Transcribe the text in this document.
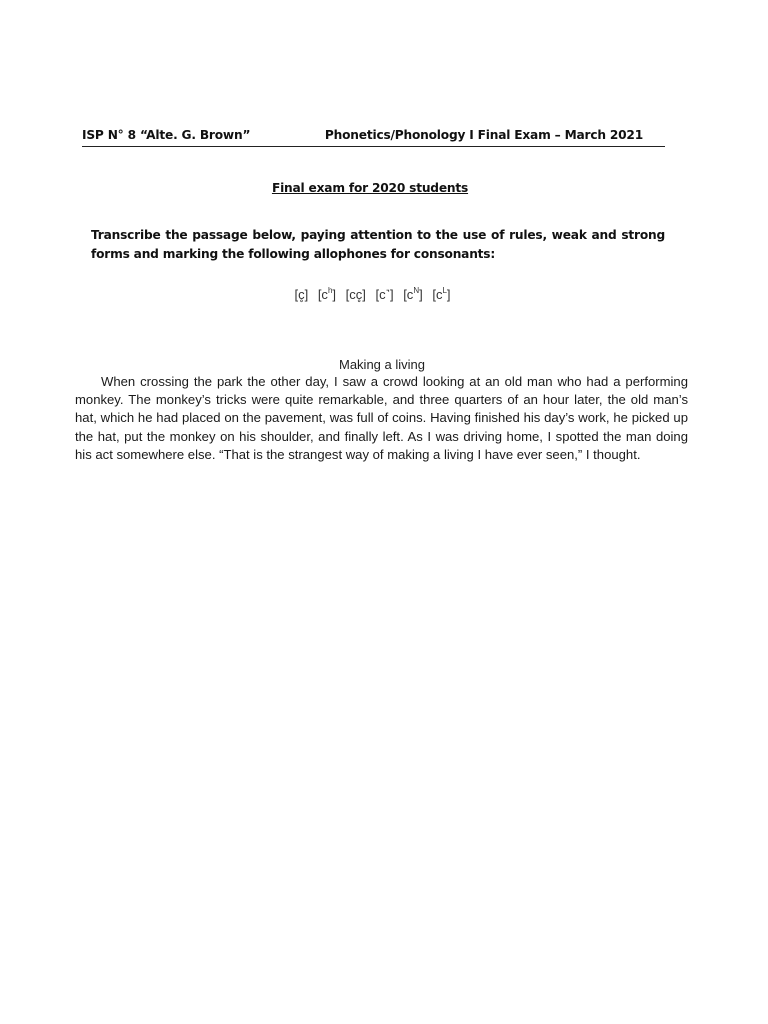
ISP N° 8 “Alte. G. Brown”	Phonetics/Phonology I Final Exam – March 2021
Final exam for 2020 students
Transcribe the passage below, paying attention to the use of rules, weak and strong forms and marking the following allophones for consonants:
[c̥] $[c^h]$ [cc̥] [c˺] $[c^N]$ $[c^L]$
Making a living

When crossing the park the other day, I saw a crowd looking at an old man who had a performing monkey. The monkey’s tricks were quite remarkable, and three quarters of an hour later, the old man’s hat, which he had placed on the pavement, was full of coins. Having finished his day’s work, he picked up the hat, put the monkey on his shoulder, and finally left. As I was driving home, I spotted the man doing his act somewhere else. “That is the strangest way of making a living I have ever seen,” I thought.
